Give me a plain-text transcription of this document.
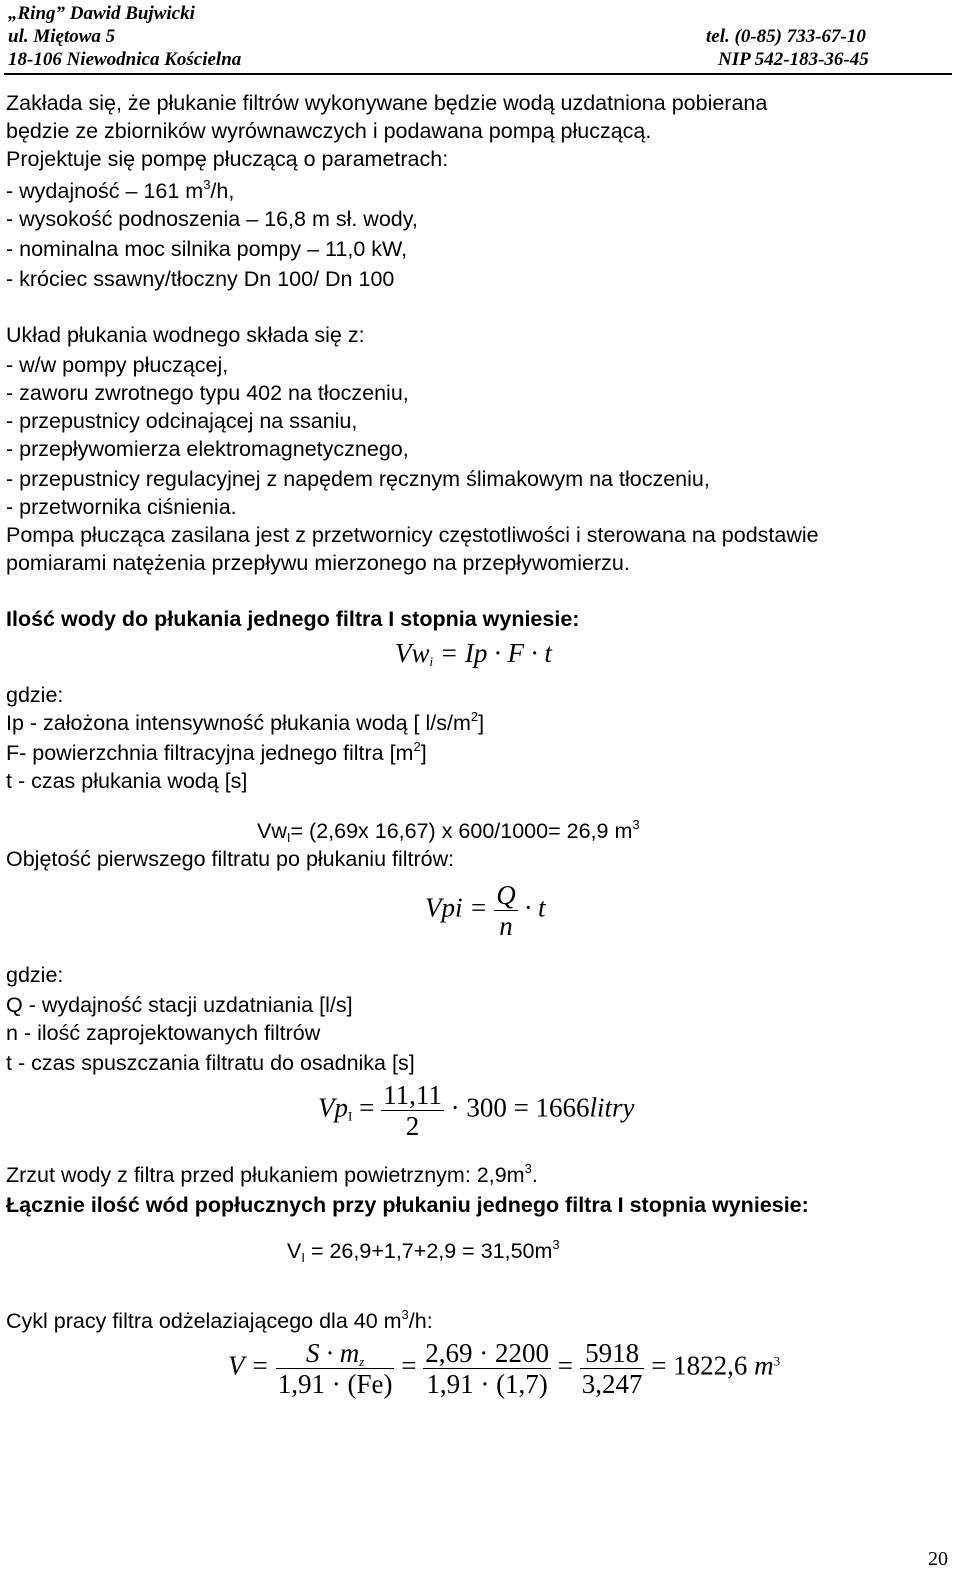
„Ring” Dawid Bujwicki
ul. Miętowa 5
18-106 Niewodnica Kościelna
tel. (0-85) 733-67-10
NIP 542-183-36-45
Zakłada się, że płukanie filtrów wykonywane będzie wodą uzdatniona pobierana
będzie ze zbiorników wyrównawczych i podawana pompą płuczącą.
Projektuje się pompę płuczącą o parametrach:
- wydajność – 161 $m^3/h$,
- wysokość podnoszenia – 16,8 m sł. wody,
- nominalna moc silnika pompy – 11,0 kW,
- króciec ssawny/tłoczny Dn 100/ Dn 100
Układ płukania wodnego składa się z:
- w/w pompy płuczącej,
- zaworu zwrotnego typu 402 na tłoczeniu,
- przepustnicy odcinającej na ssaniu,
- przepływomierza elektromagnetycznego,
- przepustnicy regulacyjnej z napędem ręcznym ślimakowym na tłoczeniu,
- przetwornika ciśnienia.
Pompa płucząca zasilana jest z przetwornicy częstotliwości i sterowana na podstawie
pomiarami natężenia przepływu mierzonego na przepływomierzu.
Ilość wody do płukania jednego filtra I stopnia wyniesie:
$Vw_i = Ip \cdot F \cdot t$
gdzie:
Ip - założona intensywność płukania wodą [ $l/s/m^2$]
F- powierzchnia filtracyjna jednego filtra $[m^2]$
t - czas płukania wodą [s]
$Vw_I= (2,69x$ 16,67) x 600/1000= 26,9 $m^3$
Objętość pierwszego filtratu po płukaniu filtrów:
Vpi = $\frac{Q}{n} \cdot t$
gdzie:
Q - wydajność stacji uzdatniania [l/s]
n - ilość zaprojektowanych filtrów
t - czas spuszczania filtratu do osadnika [s]
$Vp_I = \frac{11,11}{2} \cdot 300$ = 1666litry
Zrzut wody z filtra przed płukaniem powietrznym: $2,9m^3$.
Łącznie ilość wód popłucznych przy płukaniu jednego filtra I stopnia wyniesie:
$V_I = 26,9+1,7+2,9 = 31,50m^3$
Cykl pracy filtra odżelaziającego dla 40 $m^3/h$:
$V = \frac{S \cdot m_z}{1,91 \cdot (Fe)} = \frac{2,69 \cdot 2200}{1,91 \cdot (1,7)} = \frac{5918}{3,247} = 1822,6$ $m^3$
20
